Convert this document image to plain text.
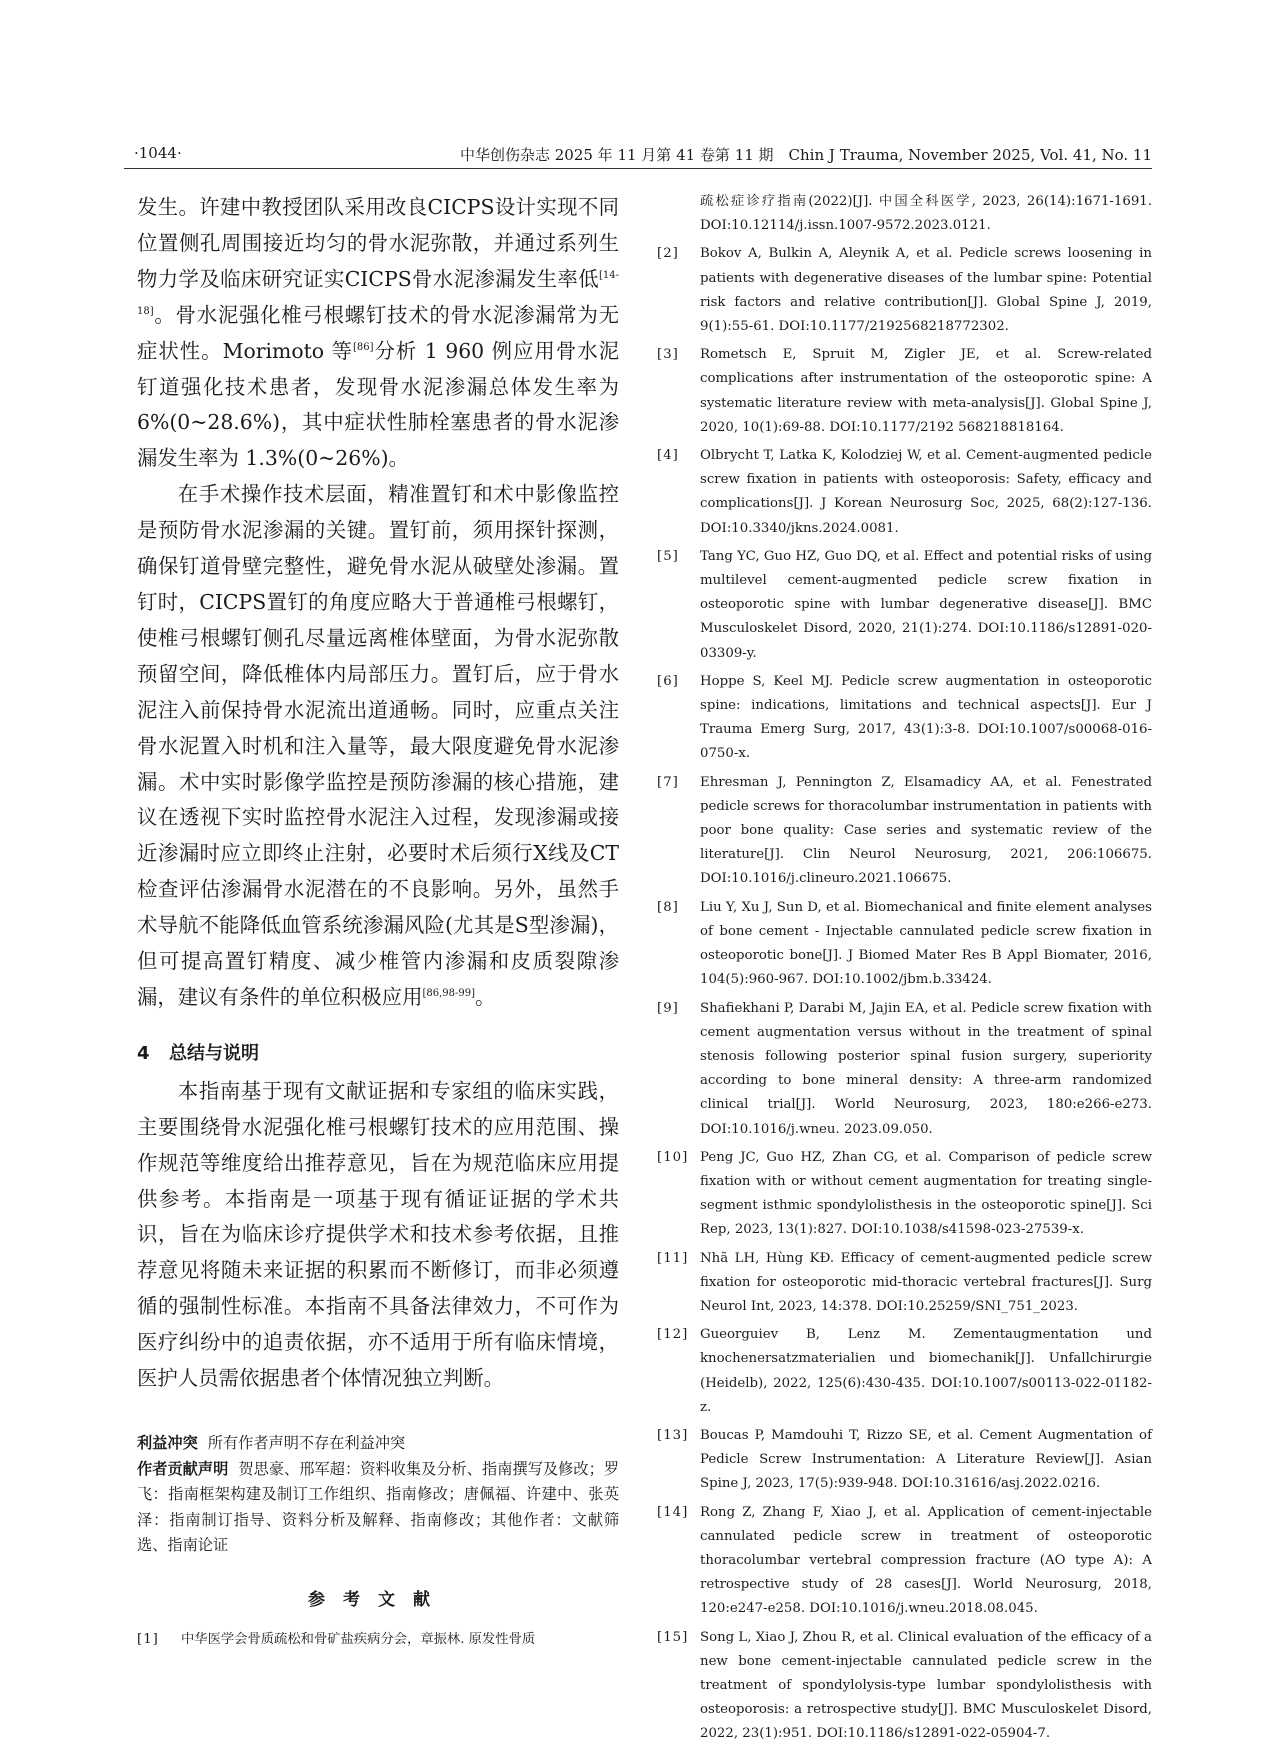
·1044·	中华创伤杂志 2025 年 11 月第 41 卷第 11 期　Chin J Trauma, November 2025, Vol. 41, No. 11

发生。许建中教授团队采用改良CICPS设计实现不同位置侧孔周围接近均匀的骨水泥弥散，并通过系列生物力学及临床研究证实CICPS骨水泥渗漏发生率低[14-18]。骨水泥强化椎弓根螺钉技术的骨水泥渗漏常为无症状性。Morimoto 等[86]分析 1 960 例应用骨水泥钉道强化技术患者，发现骨水泥渗漏总体发生率为 6%(0~28.6%)，其中症状性肺栓塞患者的骨水泥渗漏发生率为 1.3%(0~26%)。

在手术操作技术层面，精准置钉和术中影像监控是预防骨水泥渗漏的关键。置钉前，须用探针探测，确保钉道骨壁完整性，避免骨水泥从破壁处渗漏。置钉时，CICPS置钉的角度应略大于普通椎弓根螺钉，使椎弓根螺钉侧孔尽量远离椎体壁面，为骨水泥弥散预留空间，降低椎体内局部压力。置钉后，应于骨水泥注入前保持骨水泥流出道通畅。同时，应重点关注骨水泥置入时机和注入量等，最大限度避免骨水泥渗漏。术中实时影像学监控是预防渗漏的核心措施，建议在透视下实时监控骨水泥注入过程，发现渗漏或接近渗漏时应立即终止注射，必要时术后须行X线及CT检查评估渗漏骨水泥潜在的不良影响。另外，虽然手术导航不能降低血管系统渗漏风险(尤其是S型渗漏)，但可提高置钉精度、减少椎管内渗漏和皮质裂隙渗漏，建议有条件的单位积极应用[86,98-99]。

4 总结与说明

本指南基于现有文献证据和专家组的临床实践，主要围绕骨水泥强化椎弓根螺钉技术的应用范围、操作规范等维度给出推荐意见，旨在为规范临床应用提供参考。本指南是一项基于现有循证证据的学术共识，旨在为临床诊疗提供学术和技术参考依据，且推荐意见将随未来证据的积累而不断修订，而非必须遵循的强制性标准。本指南不具备法律效力，不可作为医疗纠纷中的追责依据，亦不适用于所有临床情境，医护人员需依据患者个体情况独立判断。

利益冲突 所有作者声明不存在利益冲突

作者贡献声明 贺思豪、邢军超：资料收集及分析、指南撰写及修改；罗飞：指南框架构建及制订工作组织、指南修改；唐佩福、许建中、张英泽：指南制订指导、资料分析及解释、指南修改；其他作者：文献筛选、指南论证

参考文献
[1] 中华医学会骨质疏松和骨矿盐疾病分会，章振林. 原发性骨质
疏松症诊疗指南(2022)[J]. 中国全科医学, 2023, 26(14):1671-1691. DOI:10.12114/j.issn.1007-9572.2023.0121.
[2] Bokov A, Bulkin A, Aleynik A, et al. Pedicle screws loosening in patients with degenerative diseases of the lumbar spine: Potential risk factors and relative contribution[J]. Global Spine J, 2019, 9(1):55-61. DOI:10.1177/2192568218772302.
[3] Rometsch E, Spruit M, Zigler JE, et al. Screw-related complications after instrumentation of the osteoporotic spine: A systematic literature review with meta-analysis[J]. Global Spine J, 2020, 10(1):69-88. DOI:10.1177/2192 568218818164.
[4] Olbrycht T, Latka K, Kolodziej W, et al. Cement-augmented pedicle screw fixation in patients with osteoporosis: Safety, efficacy and complications[J]. J Korean Neurosurg Soc, 2025, 68(2):127-136. DOI:10.3340/jkns.2024.0081.
[5] Tang YC, Guo HZ, Guo DQ, et al. Effect and potential risks of using multilevel cement-augmented pedicle screw fixation in osteoporotic spine with lumbar degenerative disease[J]. BMC Musculoskelet Disord, 2020, 21(1):274. DOI:10.1186/s12891-020-03309-y.
[6] Hoppe S, Keel MJ. Pedicle screw augmentation in osteoporotic spine: indications, limitations and technical aspects[J]. Eur J Trauma Emerg Surg, 2017, 43(1):3-8. DOI:10.1007/s00068-016-0750-x.
[7] Ehresman J, Pennington Z, Elsamadicy AA, et al. Fenestrated pedicle screws for thoracolumbar instrumentation in patients with poor bone quality: Case series and systematic review of the literature[J]. Clin Neurol Neurosurg, 2021, 206:106675. DOI:10.1016/j.clineuro.2021.106675.
[8] Liu Y, Xu J, Sun D, et al. Biomechanical and finite element analyses of bone cement - Injectable cannulated pedicle screw fixation in osteoporotic bone[J]. J Biomed Mater Res B Appl Biomater, 2016, 104(5):960-967. DOI:10.1002/jbm.b.33424.
[9] Shafiekhani P, Darabi M, Jajin EA, et al. Pedicle screw fixation with cement augmentation versus without in the treatment of spinal stenosis following posterior spinal fusion surgery, superiority according to bone mineral density: A three-arm randomized clinical trial[J]. World Neurosurg, 2023, 180:e266-e273. DOI:10.1016/j.wneu. 2023.09.050.
[10] Peng JC, Guo HZ, Zhan CG, et al. Comparison of pedicle screw fixation with or without cement augmentation for treating single-segment isthmic spondylolisthesis in the osteoporotic spine[J]. Sci Rep, 2023, 13(1):827. DOI:10.1038/s41598-023-27539-x.
[11] Nhã LH, Hùng KĐ. Efficacy of cement-augmented pedicle screw fixation for osteoporotic mid-thoracic vertebral fractures[J]. Surg Neurol Int, 2023, 14:378. DOI:10.25259/SNI_751_2023.
[12] Gueorguiev B, Lenz M. Zementaugmentation und knochenersatzmaterialien und biomechanik[J]. Unfallchirurgie (Heidelb), 2022, 125(6):430-435. DOI:10.1007/s00113-022-01182-z.
[13] Boucas P, Mamdouhi T, Rizzo SE, et al. Cement Augmentation of Pedicle Screw Instrumentation: A Literature Review[J]. Asian Spine J, 2023, 17(5):939-948. DOI:10.31616/asj.2022.0216.
[14] Rong Z, Zhang F, Xiao J, et al. Application of cement-injectable cannulated pedicle screw in treatment of osteoporotic thoracolumbar vertebral compression fracture (AO type A): A retrospective study of 28 cases[J]. World Neurosurg, 2018, 120:e247-e258. DOI:10.1016/j.wneu.2018.08.045.
[15] Song L, Xiao J, Zhou R, et al. Clinical evaluation of the efficacy of a new bone cement-injectable cannulated pedicle screw in the treatment of spondylolysis-type lumbar spondylolisthesis with osteoporosis: a retrospective study[J]. BMC Musculoskelet Disord, 2022, 23(1):951. DOI:10.1186/s12891-022-05904-7.
